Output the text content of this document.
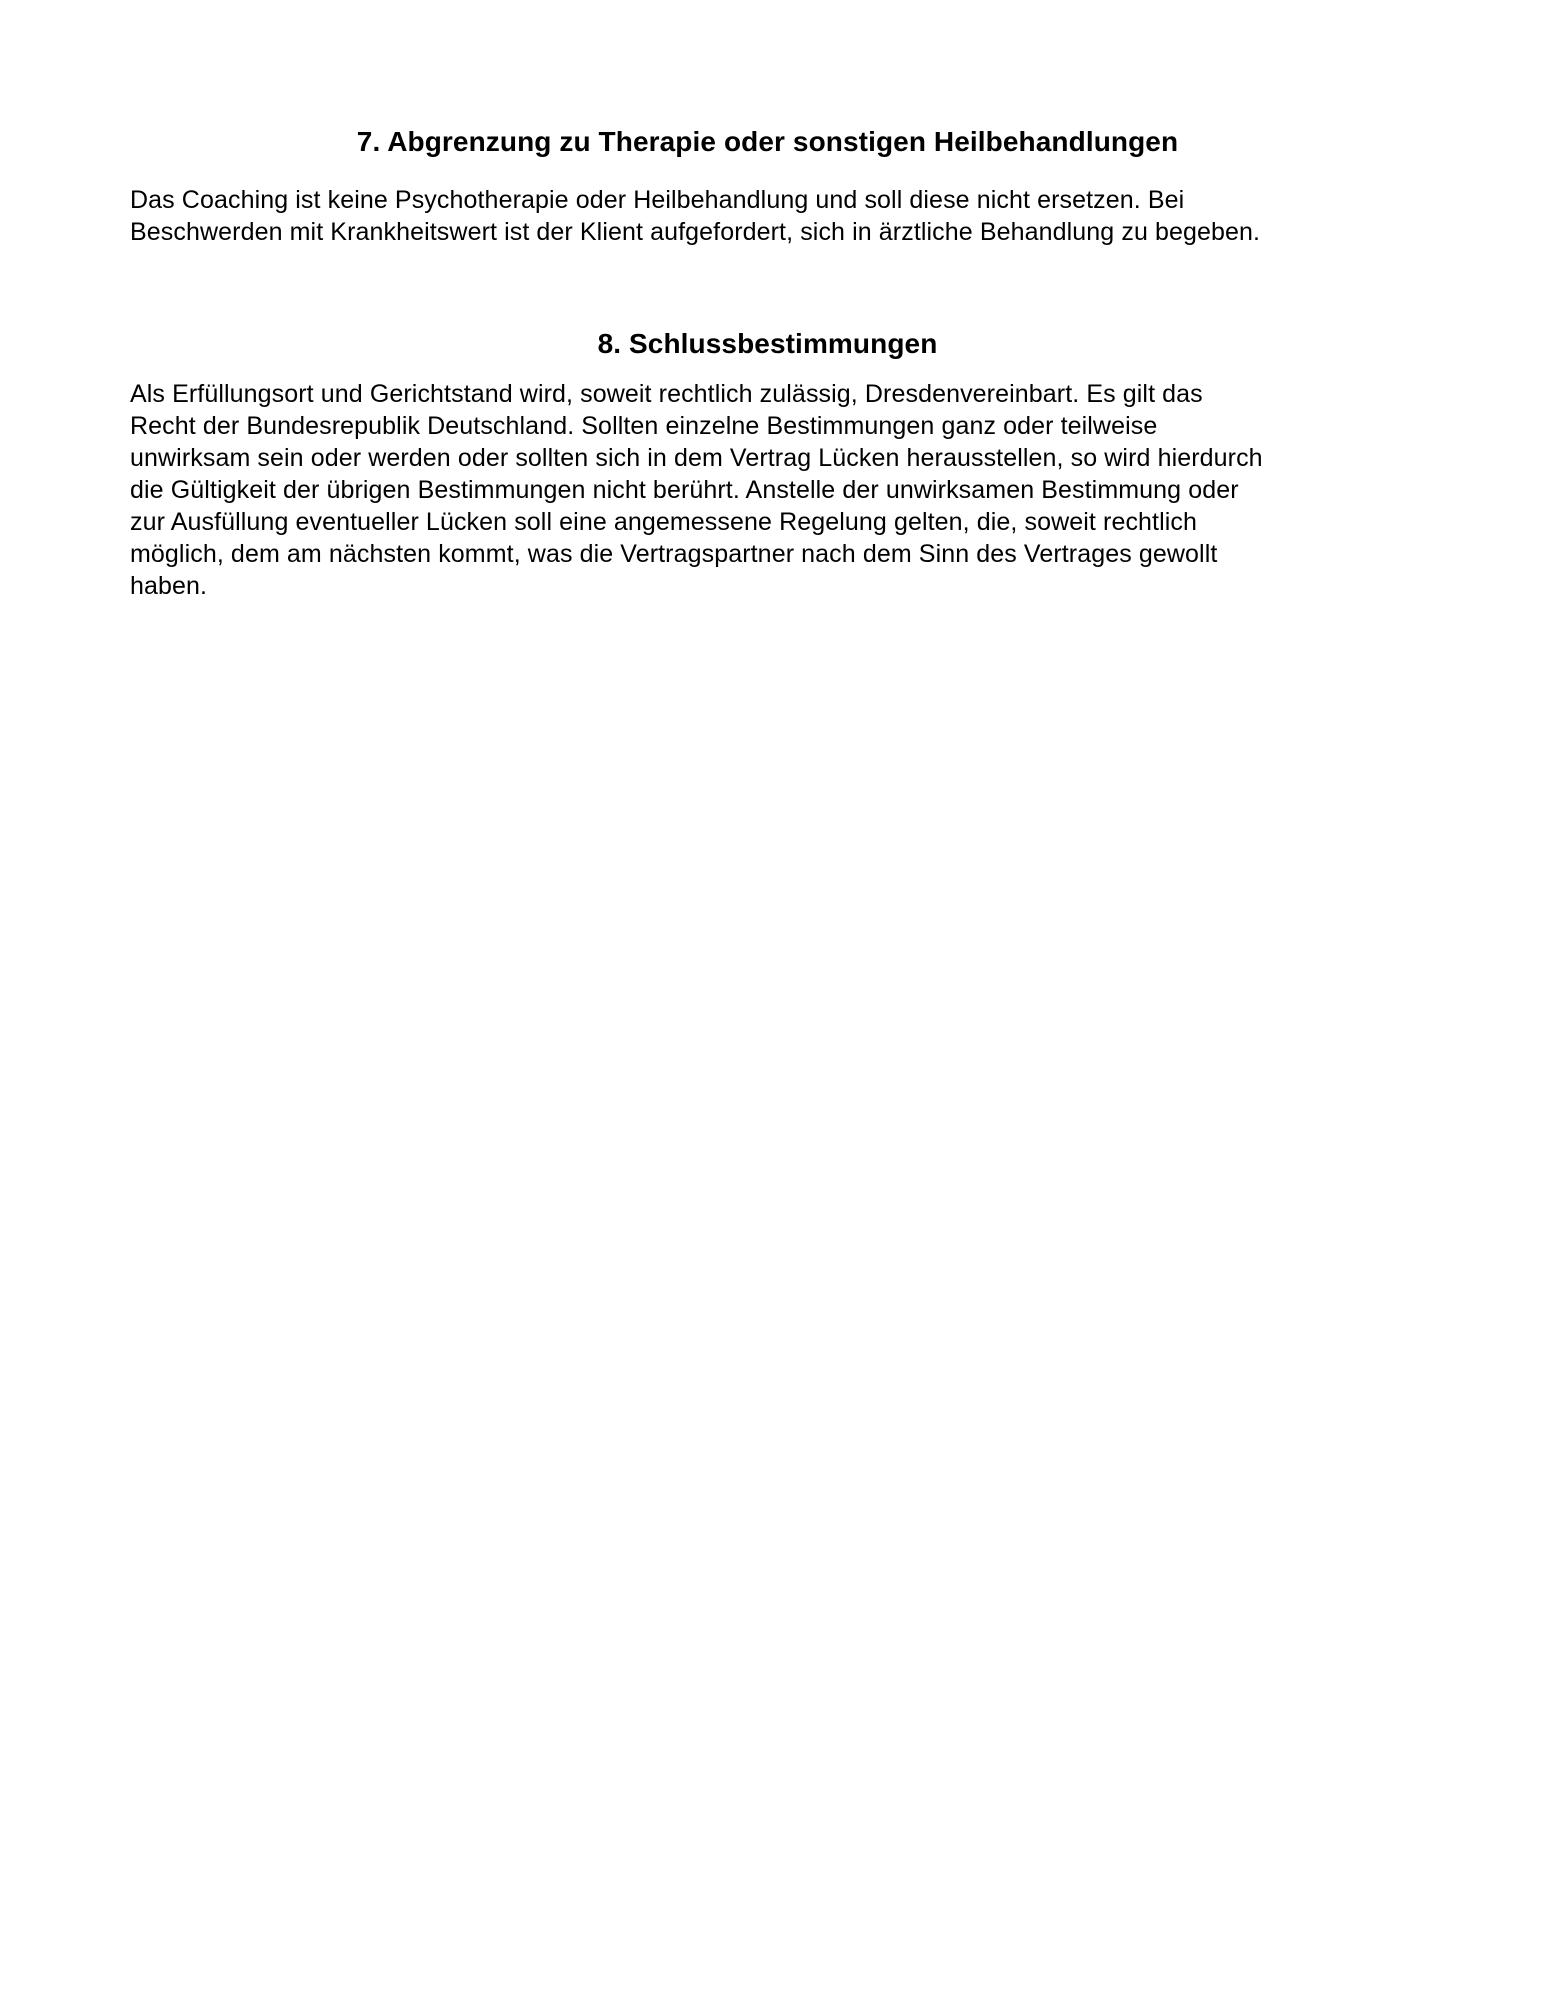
7. Abgrenzung zu Therapie oder sonstigen Heilbehandlungen
Das Coaching ist keine Psychotherapie oder Heilbehandlung und soll diese nicht ersetzen. Bei
Beschwerden mit Krankheitswert ist der Klient aufgefordert, sich in ärztliche Behandlung zu begeben.
8. Schlussbestimmungen
Als Erfüllungsort und Gerichtstand wird, soweit rechtlich zulässig, Dresdenvereinbart. Es gilt das
Recht der Bundesrepublik Deutschland. Sollten einzelne Bestimmungen ganz oder teilweise
unwirksam sein oder werden oder sollten sich in dem Vertrag Lücken herausstellen, so wird hierdurch
die Gültigkeit der übrigen Bestimmungen nicht berührt. Anstelle der unwirksamen Bestimmung oder
zur Ausfüllung eventueller Lücken soll eine angemessene Regelung gelten, die, soweit rechtlich
möglich, dem am nächsten kommt, was die Vertragspartner nach dem Sinn des Vertrages gewollt
haben.
